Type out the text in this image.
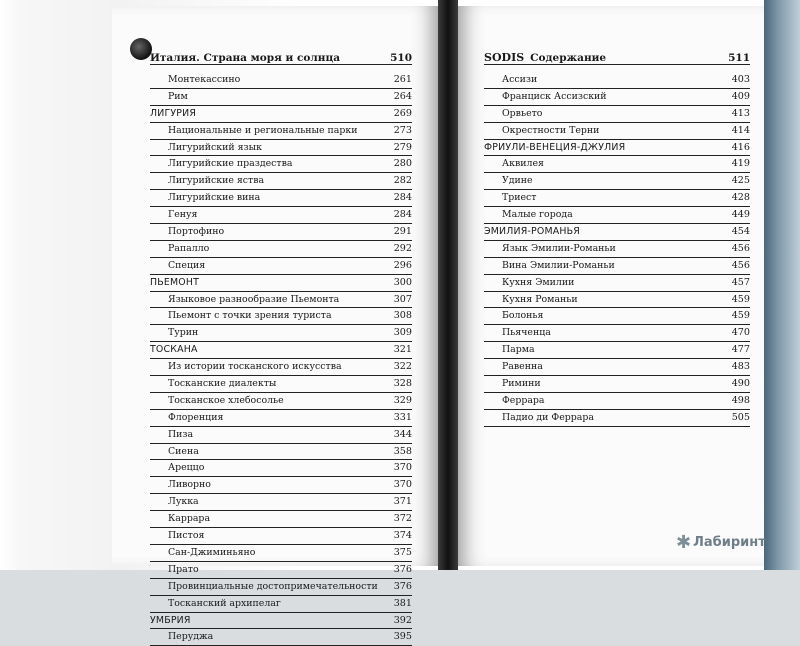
Италия. Страна моря и солнца	510	SODIS Содержание	511
Монтекассино	261
Рим	264
ЛИГУРИЯ	269
Национальные и региональные парки	273
Лигурийский язык	279
Лигурийские праздества	280
Лигурийские яства	282
Лигурийские вина	284
Генуя	284
Портофино	291
Рапалло	292
Специя	296
ПЬЕМОНТ	300
Языковое разнообразие Пьемонта	307
Пьемонт с точки зрения туриста	308
Турин	309
ТОСКАНА	321
Из истории тосканского искусства	322
Тосканские диалекты	328
Тосканское хлебосолье	329
Флоренция	331
Пиза	344
Сиена	358
Ареццо	370
Ливорно	370
Лукка	371
Каррара	372
Пистоя	374
Сан-Джиминьяно	375
Прато	376
Провинциальные достопримечательности 376
Тосканский архипелаг	381
УМБРИЯ	392
Перуджа	395
Ассизи	403
Франциск Ассизский	409
Орвьето	413
Окрестности Терни	414
ФРИУЛИ-ВЕНЕЦИЯ-ДЖУЛИЯ	416
Аквилея	419
Удине	425
Триест	428
Малые города	449
ЭМИЛИЯ-РОМАНЬЯ	454
Язык Эмилии-Романьи	456
Вина Эмилии-Романьи	456
Кухня Эмилии	457
Кухня Романьи	459
Болонья	459
Пьяченца	470
Парма	477
Равенна	483
Римини	490
Феррара	498
Падио ди Феррара	505
✱ Лабиринт
